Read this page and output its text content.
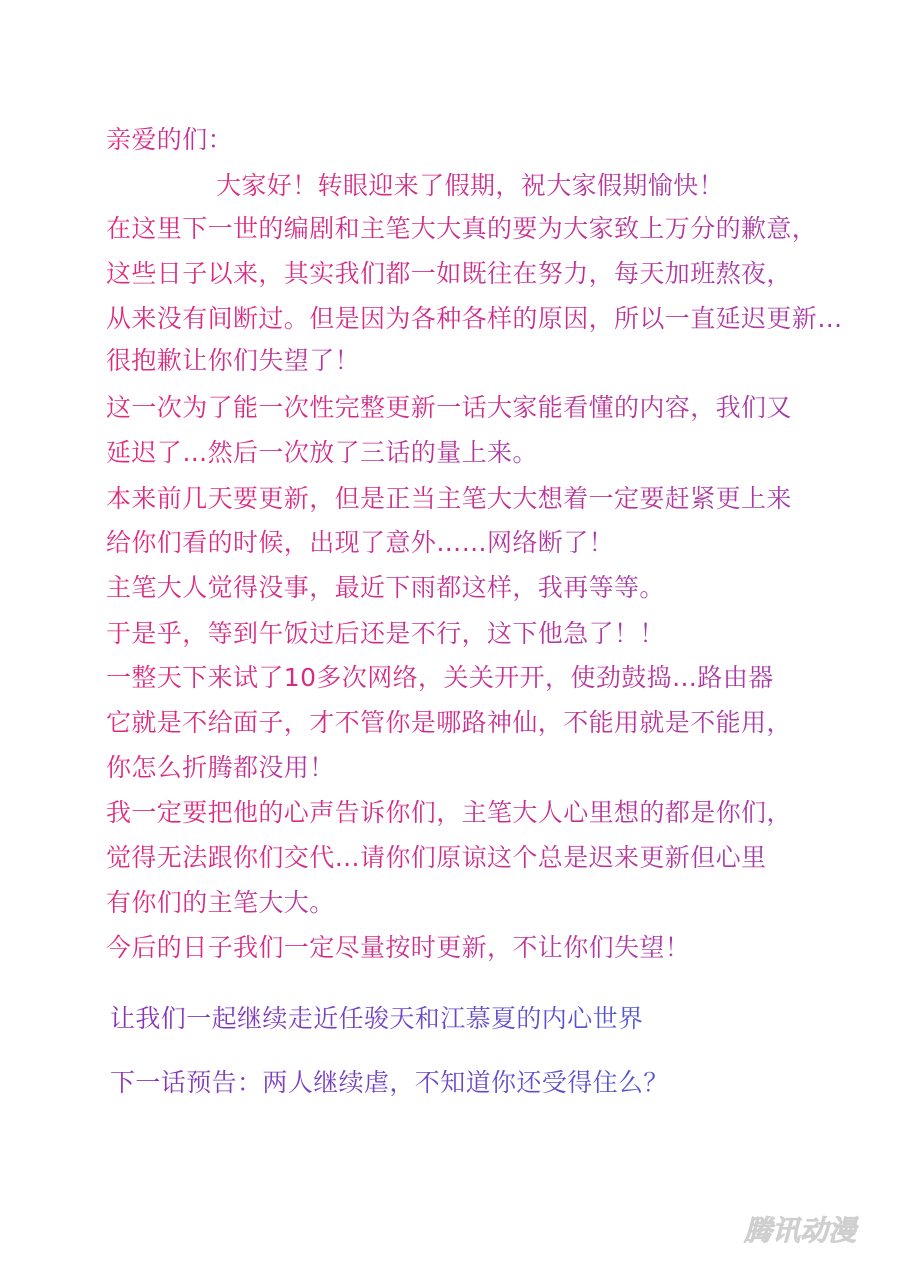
亲爱的们：
大家好！转眼迎来了假期，祝大家假期愉快！
在这里下一世的编剧和主笔大大真的要为大家致上万分的歉意，
这些日子以来，其实我们都一如既往在努力，每天加班熬夜，
从来没有间断过。但是因为各种各样的原因，所以一直延迟更新…
很抱歉让你们失望了！
这一次为了能一次性完整更新一话大家能看懂的内容，我们又
延迟了…然后一次放了三话的量上来。
本来前几天要更新，但是正当主笔大大想着一定要赶紧更上来
给你们看的时候，出现了意外……网络断了！
主笔大人觉得没事，最近下雨都这样，我再等等。
于是乎，等到午饭过后还是不行，这下他急了！！
一整天下来试了10多次网络，关关开开，使劲鼓捣…路由器
它就是不给面子，才不管你是哪路神仙，不能用就是不能用，
你怎么折腾都没用！
我一定要把他的心声告诉你们，主笔大人心里想的都是你们，
觉得无法跟你们交代…请你们原谅这个总是迟来更新但心里
有你们的主笔大大。
今后的日子我们一定尽量按时更新，不让你们失望！
让我们一起继续走近任骏天和江慕夏的内心世界
下一话预告：两人继续虐，不知道你还受得住么？
腾讯动漫
